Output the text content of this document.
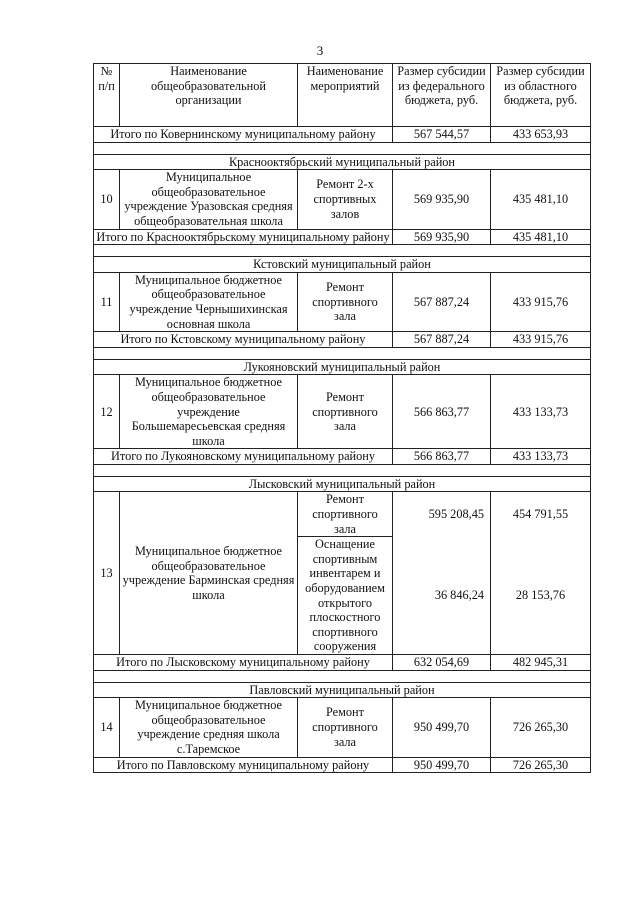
3
№ п/п	Наименование общеобразовательной организации	Наименование мероприятий	Размер субсидии из федерального бюджета, руб.	Размер субсидии из областного бюджета, руб.
Итого по Ковернинскому муниципальному району			567 544,57	433 653,93

Краснооктябрьский муниципальный район				
10	Муниципальное общеобразовательное учреждение Уразовская средняя общеобразовательная школа	Ремонт 2-х спортивных залов	569 935,90	435 481,10
Итого по Краснооктябрьскому муниципальному району			569 935,90	435 481,10

Кстовский муниципальный район				
11	Муниципальное бюджетное общеобразовательное учреждение Чернышихинская основная школа	Ремонт спортивного зала	567 887,24	433 915,76
Итого по Кстовскому муниципальному району			567 887,24	433 915,76

Лукояновский муниципальный район				
12	Муниципальное бюджетное общеобразовательное учреждение Большемаресьевская средняя школа	Ремонт спортивного зала	566 863,77	433 133,73
Итого по Лукояновскому муниципальному району			566 863,77	433 133,73

Лысковский муниципальный район				
13	Муниципальное бюджетное общеобразовательное учреждение Барминская средняя школа	Ремонт спортивного зала	595 208,45	454 791,55
		Оснащение спортивным инвентарем и оборудованием открытого плоскостного спортивного сооружения	36 846,24	28 153,76
Итого по Лысковскому муниципальному району			632 054,69	482 945,31

Павловский муниципальный район				
14	Муниципальное бюджетное общеобразовательное учреждение средняя школа с.Таремское	Ремонт спортивного зала	950 499,70	726 265,30
Итого по Павловскому муниципальному району			950 499,70	726 265,30
